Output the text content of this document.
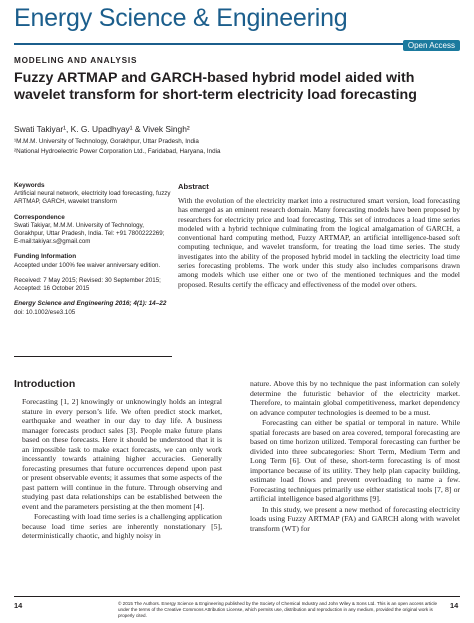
Energy Science & Engineering
Open Access
MODELING AND ANALYSIS
Fuzzy ARTMAP and GARCH-based hybrid model aided with wavelet transform for short-term electricity load forecasting
Swati Takiyar¹, K. G. Upadhyay¹ & Vivek Singh²
¹M.M.M. University of Technology, Gorakhpur, Uttar Pradesh, India
²National Hydroelectric Power Corporation Ltd., Faridabad, Haryana, India
Keywords
Artificial neural network, electricity load forecasting, fuzzy ARTMAP, GARCH, wavelet transform
Correspondence
Swati Takiyar, M.M.M. University of Technology, Gorakhpur, Uttar Pradesh, India. Tel: +91 7800222269; E-mail:takiyar.s@gmail.com
Funding Information
Accepted under 100% fee waiver anniversary edition.
Received: 7 May 2015; Revised: 30 September 2015; Accepted: 16 October 2015
Energy Science and Engineering 2016; 4(1): 14–22
doi: 10.1002/ese3.105
Abstract
With the evolution of the electricity market into a restructured smart version, load forecasting has emerged as an eminent research domain. Many forecasting models have been proposed by researchers for electricity price and load forecasting. This set of introduces a load time series modeled with a hybrid technique culminating from the logical amalgamation of GARCH, a conventional hard computing method, Fuzzy ARTMAP, an artificial intelligence-based soft computing technique, and wavelet transform, for treating the load time series. The study investigates into the ability of the proposed hybrid model in tackling the electricity load time series forecasting problems. The work under this study also includes comparisons drawn among models which use either one or two of the mentioned techniques and the model proposed. Results certify the efficacy and effectiveness of the model over others.
Introduction

Forecasting [1, 2] knowingly or unknowingly holds an integral stature in every person’s life. We often predict stock market, earthquake and weather in our day to day life. A business manager forecasts product sales [3]. People make future plans based on these forecasts. Here it should be understood that it is an impossible task to make exact forecasts, we can only work incessantly towards attaining higher accuracies. Generally forecasting presumes that future occurrences depend upon past or present observable events; it assumes that some aspects of the past pattern will continue in the future. Through observing and studying past data relationships can be established between the event and the parameters persisting at the then moment [4].

Forecasting with load time series is a challenging application because load time series are inherently nonstationary [5], deterministically chaotic, and highly noisy in

nature. Above this by no technique the past information can solely determine the futuristic behavior of the electricity market. Therefore, to maintain global competitiveness, market dependency on advance computer technologies is deemed to be a must.

Forecasting can either be spatial or temporal in nature. While spatial forecasts are based on area covered, temporal forecasting are based on time horizon utilized. Temporal forecasting can further be divided into three subcategories: Short Term, Medium Term and Long Term [6]. Out of these, short-term forecasting is of most importance because of its utility. They help plan capacity building, estimate load flows and prevent overloading to name a few. Forecasting techniques primarily use either statistical tools [7, 8] or artificial intelligence based algorithms [9].

In this study, we present a new method of forecasting electricity loads using Fuzzy ARTMAP (FA) and GARCH along with wavelet transform (WT) for

14	© 2015 The Authors. Energy Science & Engineering published by the Society of Chemical Industry and John Wiley & Sons Ltd. This is an open access article under the terms of the Creative Commons Attribution License, which permits use, distribution and reproduction in any medium, provided the original work is properly cited.
14
